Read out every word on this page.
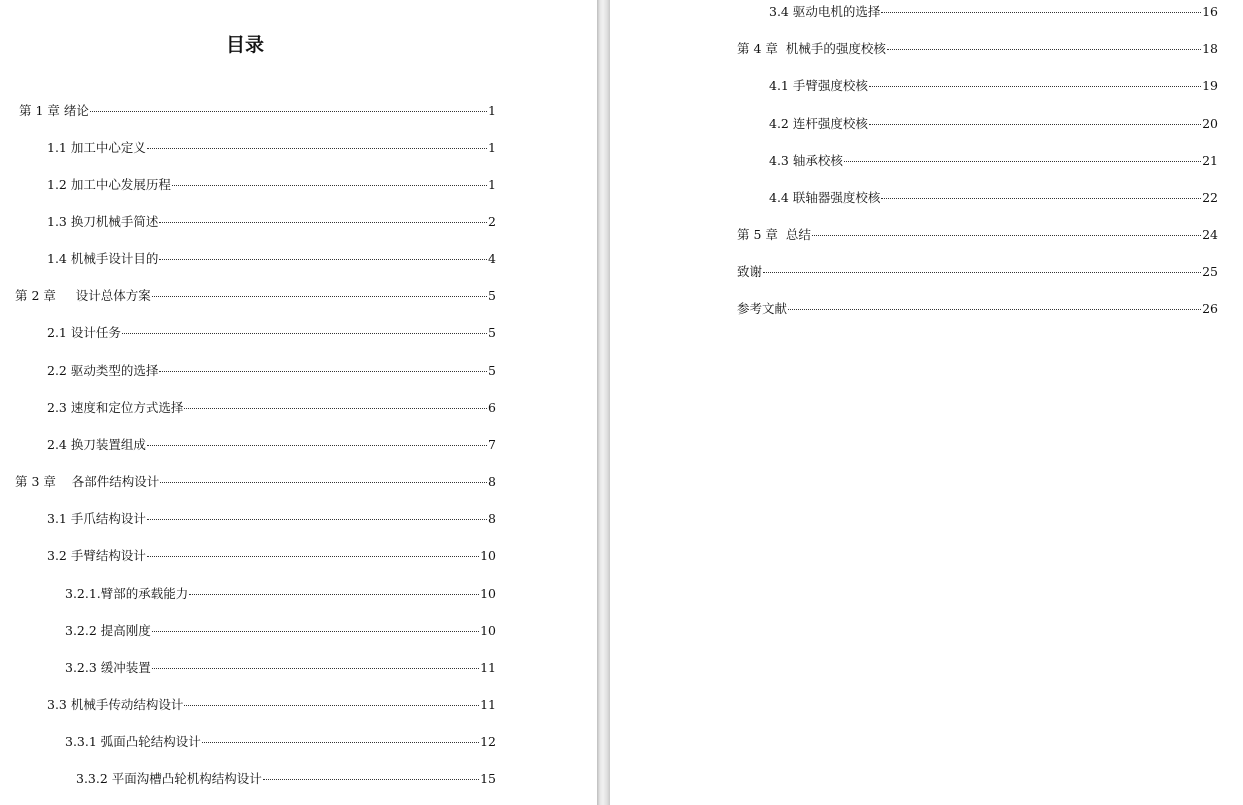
目录
第 1 章 绪论	1
1.1 加工中心定义	1
1.2 加工中心发展历程	1
1.3 换刀机械手简述	2
1.4 机械手设计目的	4
第 2 章     设计总体方案	5
2.1 设计任务	5
2.2 驱动类型的选择	5
2.3 速度和定位方式选择	6
2.4 换刀装置组成	7
第 3 章    各部件结构设计	8
3.1 手爪结构设计	8
3.2 手臂结构设计	10
3.2.1.臂部的承载能力	10
3.2.2 提高刚度	10
3.2.3 缓冲装置	11
3.3 机械手传动结构设计	11
3.3.1 弧面凸轮结构设计	12
3.3.2 平面沟槽凸轮机构结构设计	15
3.4 驱动电机的选择	16
第 4 章  机械手的强度校核	18
4.1 手臂强度校核	19
4.2 连杆强度校核	20
4.3 轴承校核	21
4.4 联轴器强度校核	22
第 5 章  总结	24
致谢	25
参考文献	26
